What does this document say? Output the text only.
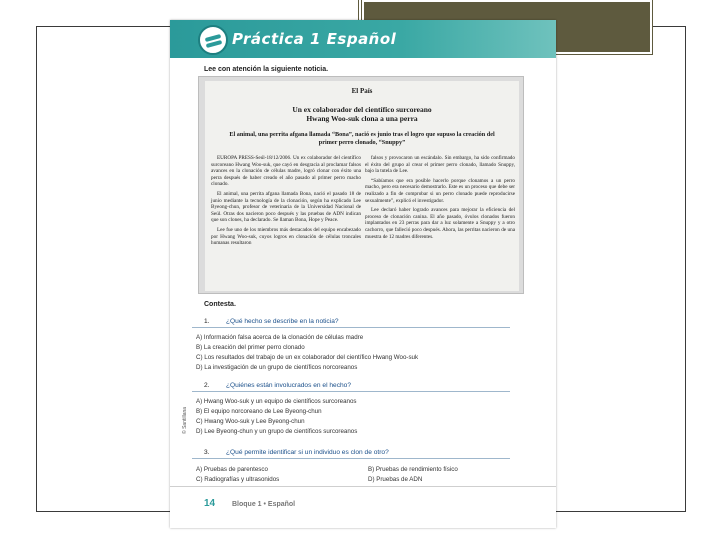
Práctica 1 Español
Lee con atención la siguiente noticia.
El País
Un ex colaborador del científico surcoreano
Hwang Woo-suk clona a una perra
El animal, una perrita afgana llamada “Bona”, nació es junio tras el logro que supuso la creación del
primer perro clonado, “Snuppy”

EUROPA PRESS-Seúl-18/12/2006. Un ex colaborador del científico surcoreano Hwang Woo-suk, que cayó en desgracia al proclamar falsos avances en la clonación de células madre, logró clonar con éxito una perra después de haber creado el año pasado al primer perro macho clonado.

El animal, una perrita afgana llamada Bona, nació el pasado 18 de junio mediante la tecnología de la clonación, según ha explicado Lee Byeong-chun, profesor de veterinaria de la Universidad Nacional de Seúl. Otras dos nacieron poco después y las pruebas de ADN indican que son clones, ha declarado. Se llaman Bona, Hope y Peace.

Lee fue uno de los miembros más destacados del equipo encabezado por Hwang Woo-suk, cuyos logros en clonación de células troncales humanas resultaron

falsos y provocaron un escándalo. Sin embargo, ha sido confirmado el éxito del grupo al crear el primer perro clonado, llamado Snuppy, bajo la tutela de Lee.

“Sabíamos que era posible hacerlo porque clonamos a un perro macho, pero era necesario demostrarlo. Este es un proceso que debe ser realizado a fin de comprobar si un perro clonado puede reproducirse sexualmente”, explicó el investigador.

Lee declaró haber logrado avances para mejorar la eficiencia del proceso de clonación canina. El año pasado, óvulos clonados fueron implantados en 23 perras para dar a luz solamente a Snuppy y a otro cachorro, que falleció poco después. Ahora, las perritas nacieron de una muestra de 12 madres diferentes.

Contesta.
1.	¿Qué hecho se describe en la noticia?
A) Información falsa acerca de la clonación de células madre
B) La creación del primer perro clonado
C) Los resultados del trabajo de un ex colaborador del científico Hwang Woo-suk
D) La investigación de un grupo de científicos norcoreanos
2.	¿Quiénes están involucrados en el hecho?
A) Hwang Woo-suk y un equipo de científicos surcoreanos
B) El equipo norcoreano de Lee Byeong-chun
C) Hwang Woo-suk y Lee Byeong-chun
D) Lee Byeong-chun y un grupo de científicos surcoreanos
3.	¿Qué permite identificar si un individuo es clon de otro?
A) Pruebas de parentesco	B) Pruebas de rendimiento físico
C) Radiografías y ultrasonidos	D) Pruebas de ADN
© Santillana
14 Bloque 1 • Español
